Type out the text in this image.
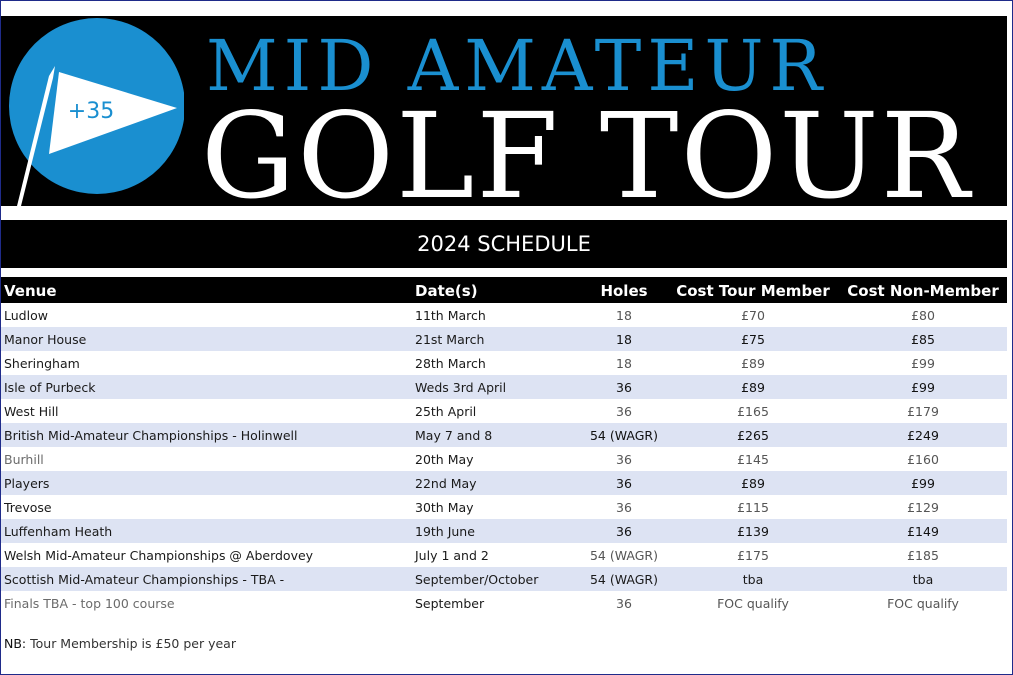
+35
MID AMATEUR
GOLF TOUR
2024 SCHEDULE
Venue	Date(s)	Holes	Cost Tour Member	Cost Non-Member
Ludlow	11th March	18	£70	£80
Manor House	21st March	18	£75	£85
Sheringham	28th March	18	£89	£99
Isle of Purbeck	Weds 3rd April	36	£89	£99
West Hill	25th April	36	£165	£179
British Mid-Amateur Championships - Holinwell	May 7 and 8	54 (WAGR)	£265	£249
Burhill	20th May	36	£145	£160
Players	22nd May	36	£89	£99
Trevose	30th May	36	£115	£129
Luffenham Heath	19th June	36	£139	£149
Welsh Mid-Amateur Championships @ Aberdovey	July 1 and 2	54 (WAGR)	£175	£185
Scottish Mid-Amateur Championships - TBA -	September/October	54 (WAGR)	tba	tba
Finals TBA - top 100 course	September	36	FOC qualify	FOC qualify
NB: Tour Membership is £50 per year
